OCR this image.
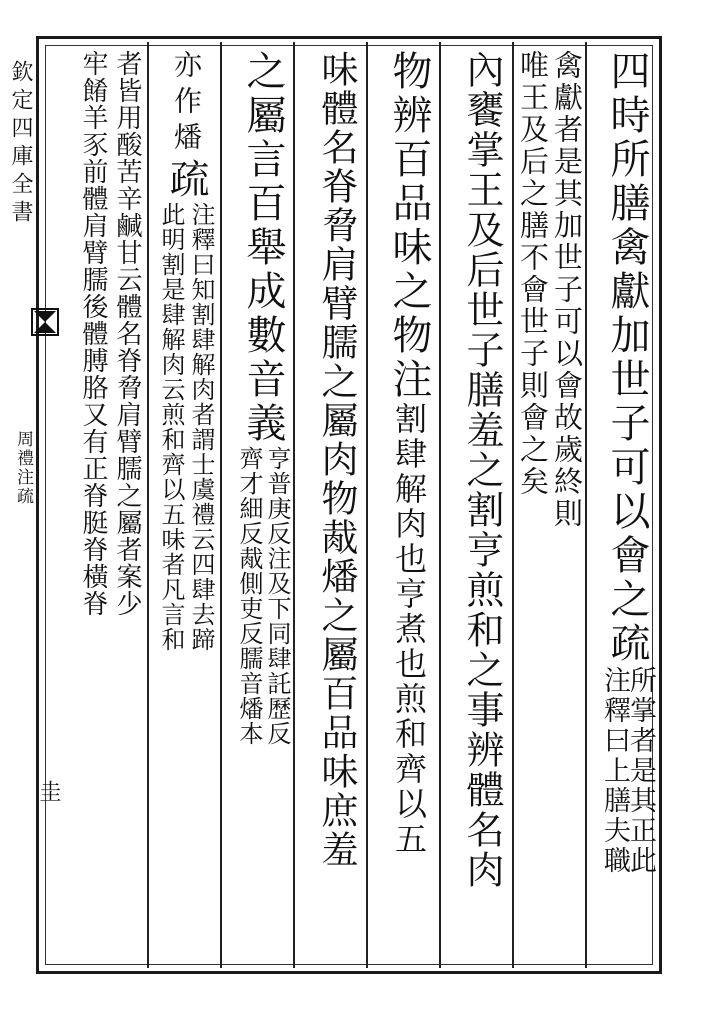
欽定四庫全書
周禮注疏
圭
四時所膳禽獻加世子可以會之疏
注釋曰上膳夫職
所掌者是其正此
禽獻者是其加世子可以會故歲終則
唯王及后之膳不會世子則會之矣
內饔掌王及后世子膳羞之割亨煎和之事辨體名肉
物辨百品味之物注割肆解肉也亨煮也煎和齊以五
味體名脊脅肩臂臑之屬肉物胾燔之屬百品味庶羞
之屬言百舉成數音義
亨普庚反注及下同肆託歷反
齊才細反胾側吏反臑音燔本
亦作燔疏
注釋曰知割肆解肉者謂士虞禮云四肆去蹄
此明割是肆解肉云煎和齊以五味者凡言和
者皆用酸苦辛鹹甘云體名脊脅肩臂臑之屬者案少
牢餚羊豕前體肩臂臑後體膊胳又有正脊脡脊橫脊
